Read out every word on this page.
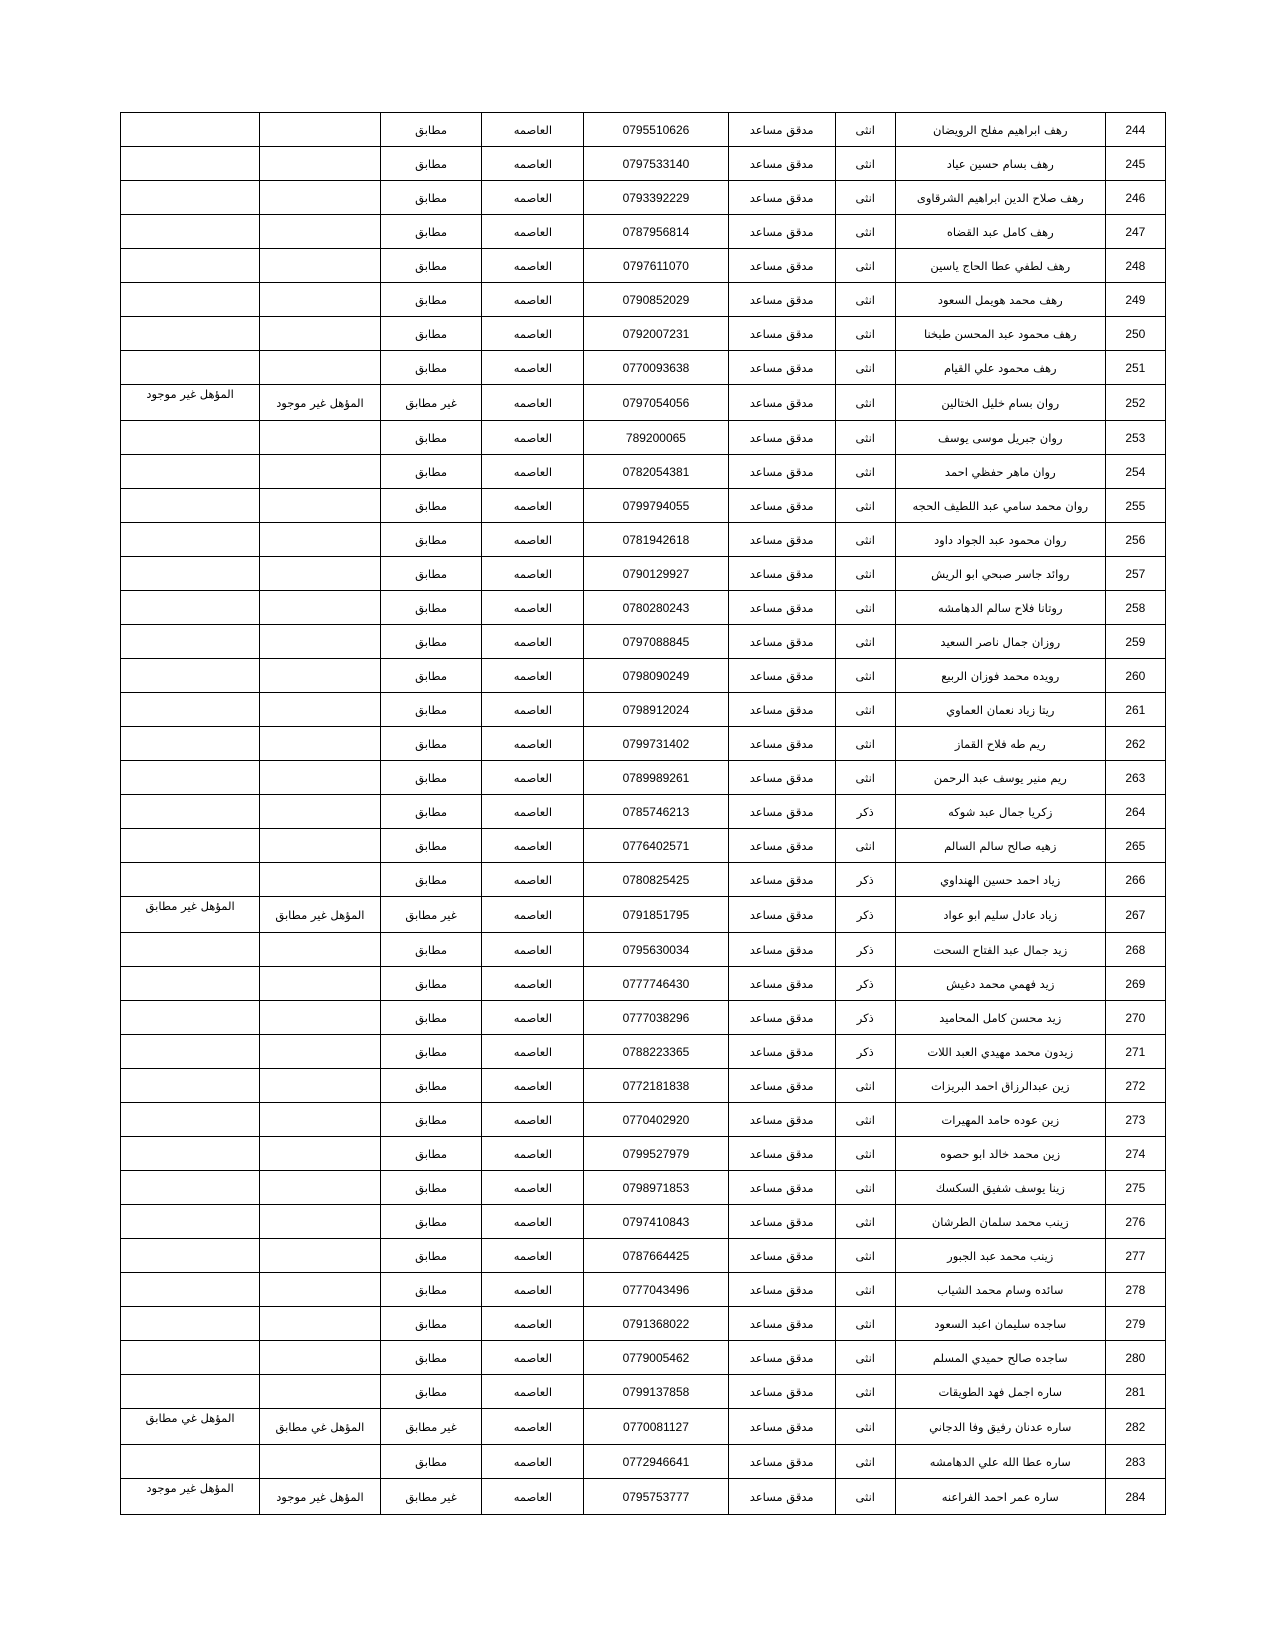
		مطابق	العاصمه	0795510626	مدقق مساعد	انثى	رهف ابراهيم مفلح الرويضان	244
		مطابق	العاصمه	0797533140	مدقق مساعد	انثى	رهف بسام حسين عياد	245
		مطابق	العاصمه	0793392229	مدقق مساعد	انثى	رهف صلاح الدين ابراهيم الشرقاوى	246
		مطابق	العاصمه	0787956814	مدقق مساعد	انثى	رهف كامل عبد القضاه	247
		مطابق	العاصمه	0797611070	مدقق مساعد	انثى	رهف لطفي عطا الحاج ياسين	248
		مطابق	العاصمه	0790852029	مدقق مساعد	انثى	رهف محمد هويمل السعود	249
		مطابق	العاصمه	0792007231	مدقق مساعد	انثى	رهف محمود عبد المحسن طبخنا	250
		مطابق	العاصمه	0770093638	مدقق مساعد	انثى	رهف محمود علي القيام	251
المؤهل غير موجود	المؤهل غير موجود	غير مطابق	العاصمه	0797054056	مدقق مساعد	انثى	روان بسام خليل الختالين	252
		مطابق	العاصمه	789200065	مدقق مساعد	انثى	روان جبريل موسى يوسف	253
		مطابق	العاصمه	0782054381	مدقق مساعد	انثى	روان ماهر حفظي احمد	254
		مطابق	العاصمه	0799794055	مدقق مساعد	انثى	روان محمد سامي عبد اللطيف الحجه	255
		مطابق	العاصمه	0781942618	مدقق مساعد	انثى	روان محمود عبد الجواد داود	256
		مطابق	العاصمه	0790129927	مدقق مساعد	انثى	روائد جاسر صبحي ابو الريش	257
		مطابق	العاصمه	0780280243	مدقق مساعد	انثى	روتانا فلاح سالم الدهامشه	258
		مطابق	العاصمه	0797088845	مدقق مساعد	انثى	روزان جمال ناصر السعيد	259
		مطابق	العاصمه	0798090249	مدقق مساعد	انثى	رويده محمد فوزان الربيع	260
		مطابق	العاصمه	0798912024	مدقق مساعد	انثى	ريتا زياد نعمان العماوي	261
		مطابق	العاصمه	0799731402	مدقق مساعد	انثى	ريم طه فلاح القماز	262
		مطابق	العاصمه	0789989261	مدقق مساعد	انثى	ريم منير يوسف عبد الرحمن	263
		مطابق	العاصمه	0785746213	مدقق مساعد	ذكر	زكريا جمال عبد شوكه	264
		مطابق	العاصمه	0776402571	مدقق مساعد	انثى	زهيه صالح سالم السالم	265
		مطابق	العاصمه	0780825425	مدقق مساعد	ذكر	زياد احمد حسين الهنداوي	266
المؤهل غير مطابق	المؤهل غير مطابق	غير مطابق	العاصمه	0791851795	مدقق مساعد	ذكر	زياد عادل سليم ابو عواد	267
		مطابق	العاصمه	0795630034	مدقق مساعد	ذكر	زيد جمال عبد الفتاح السحت	268
		مطابق	العاصمه	0777746430	مدقق مساعد	ذكر	زيد فهمي محمد دغيش	269
		مطابق	العاصمه	0777038296	مدقق مساعد	ذكر	زيد محسن كامل المحاميد	270
		مطابق	العاصمه	0788223365	مدقق مساعد	ذكر	زيدون محمد مهيدي العبد اللات	271
		مطابق	العاصمه	0772181838	مدقق مساعد	انثى	زين عبدالرزاق احمد البريزات	272
		مطابق	العاصمه	0770402920	مدقق مساعد	انثى	زين عوده حامد المهيرات	273
		مطابق	العاصمه	0799527979	مدقق مساعد	انثى	زين محمد خالد ابو حصوه	274
		مطابق	العاصمه	0798971853	مدقق مساعد	انثى	زينا يوسف شفيق السكسك	275
		مطابق	العاصمه	0797410843	مدقق مساعد	انثى	زينب محمد سلمان الطرشان	276
		مطابق	العاصمه	0787664425	مدقق مساعد	انثى	زينب محمد عبد الجبور	277
		مطابق	العاصمه	0777043496	مدقق مساعد	انثى	سائده وسام محمد الشياب	278
		مطابق	العاصمه	0791368022	مدقق مساعد	انثى	ساجده سليمان اعبد السعود	279
		مطابق	العاصمه	0779005462	مدقق مساعد	انثى	ساجده صالح حميدي المسلم	280
		مطابق	العاصمه	0799137858	مدقق مساعد	انثى	ساره اجمل فهد الطويقات	281
المؤهل غي مطابق	المؤهل غي مطابق	غير مطابق	العاصمه	0770081127	مدقق مساعد	انثى	ساره عدنان رفيق وفا الدجاني	282
		مطابق	العاصمه	0772946641	مدقق مساعد	انثى	ساره عطا الله علي الدهامشه	283
المؤهل غير موجود	المؤهل غير موجود	غير مطابق	العاصمه	0795753777	مدقق مساعد	انثى	ساره عمر احمد الفراعنه	284
